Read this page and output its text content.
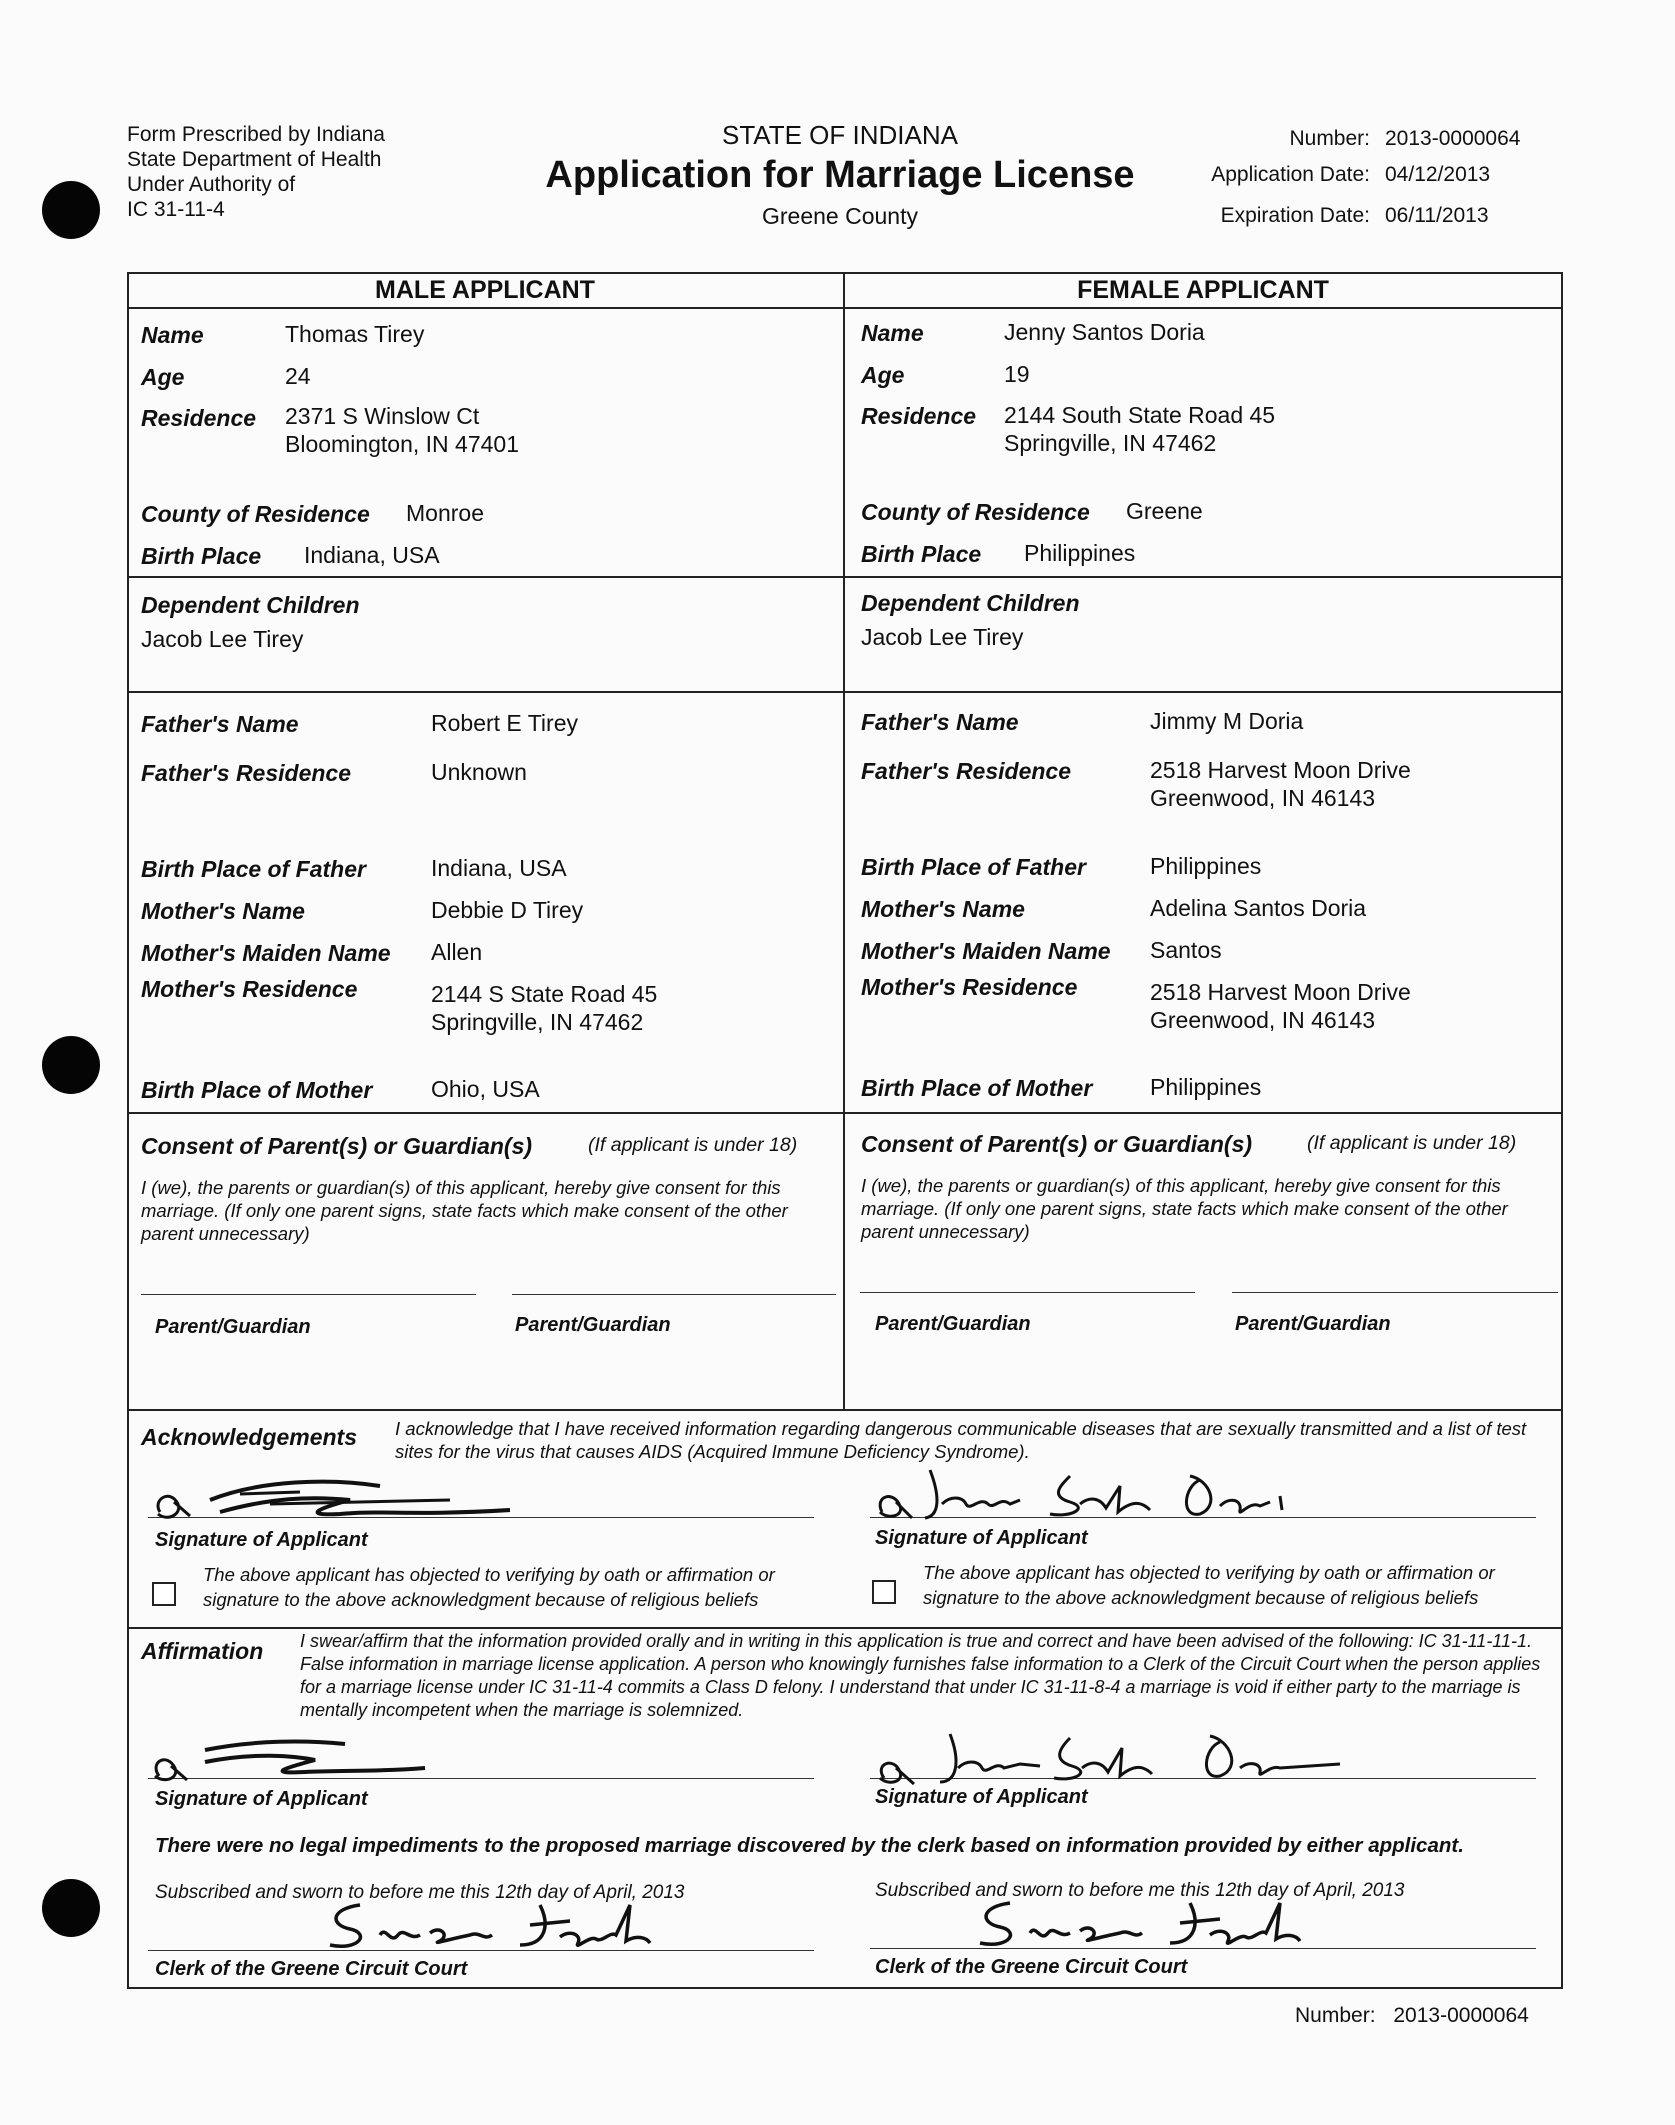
Form Prescribed by Indiana
State Department of Health
Under Authority of
IC 31-11-4
STATE OF INDIANA
Application for Marriage License
Greene County
Number: 2013-0000064
Application Date: 04/12/2013
Expiration Date: 06/11/2013
MALE APPLICANT	FEMALE APPLICANT
Name	Thomas Tirey
Age	24
Residence 2371 S Winslow Ct
Bloomington, IN 47401
County of Residence Monroe
Birth Place Indiana, USA
Dependent Children
Jacob Lee Tirey
Father's Name	Robert E Tirey
Father's Residence	Unknown
Birth Place of Father	Indiana, USA
Mother's Name	Debbie D Tirey
Mother's Maiden Name Allen
Mother's Residence	2144 S State Road 45
Springville, IN 47462
Birth Place of Mother	Ohio, USA
Consent of Parent(s) or Guardian(s)	(If applicant is under 18)
I (we), the parents or guardian(s) of this applicant, hereby give consent for this marriage. (If only one parent signs, state facts which make consent of the other parent unnecessary)
Parent/Guardian	Parent/Guardian
Name	Jenny Santos Doria
Age	19
Residence 2144 South State Road 45
Springville, IN 47462
County of Residence Greene
Birth Place Philippines
Dependent Children
Jacob Lee Tirey
Father's Name	Jimmy M Doria
Father's Residence	2518 Harvest Moon Drive
Greenwood, IN 46143
Birth Place of Father	Philippines
Mother's Name	Adelina Santos Doria
Mother's Maiden Name Santos
Mother's Residence	2518 Harvest Moon Drive
Greenwood, IN 46143
Birth Place of Mother	Philippines
Consent of Parent(s) or Guardian(s)	(If applicant is under 18)
I (we), the parents or guardian(s) of this applicant, hereby give consent for this marriage. (If only one parent signs, state facts which make consent of the other parent unnecessary)
Parent/Guardian	Parent/Guardian
Acknowledgements I acknowledge that I have received information regarding dangerous communicable diseases that are sexually transmitted and a list of test sites for the virus that causes AIDS (Acquired Immune Deficiency Syndrome).
Signature of Applicant	Signature of Applicant
The above applicant has objected to verifying by oath or affirmation or
signature to the above acknowledgment because of religious beliefs
The above applicant has objected to verifying by oath or affirmation or
signature to the above acknowledgment because of religious beliefs
Affirmation I swear/affirm that the information provided orally and in writing in this application is true and correct and have been advised of the following: IC 31-11-11-1. False information in marriage license application. A person who knowingly furnishes false information to a Clerk of the Circuit Court when the person applies for a marriage license under IC 31-11-4 commits a Class D felony. I understand that under IC 31-11-8-4 a marriage is void if either party to the marriage is mentally incompetent when the marriage is solemnized.
Signature of Applicant	Signature of Applicant
There were no legal impediments to the proposed marriage discovered by the clerk based on information provided by either applicant.
Subscribed and sworn to before me this 12th day of April, 2013	Subscribed and sworn to before me this 12th day of April, 2013
Clerk of the Greene Circuit Court	Clerk of the Greene Circuit Court
Number: 2013-0000064
